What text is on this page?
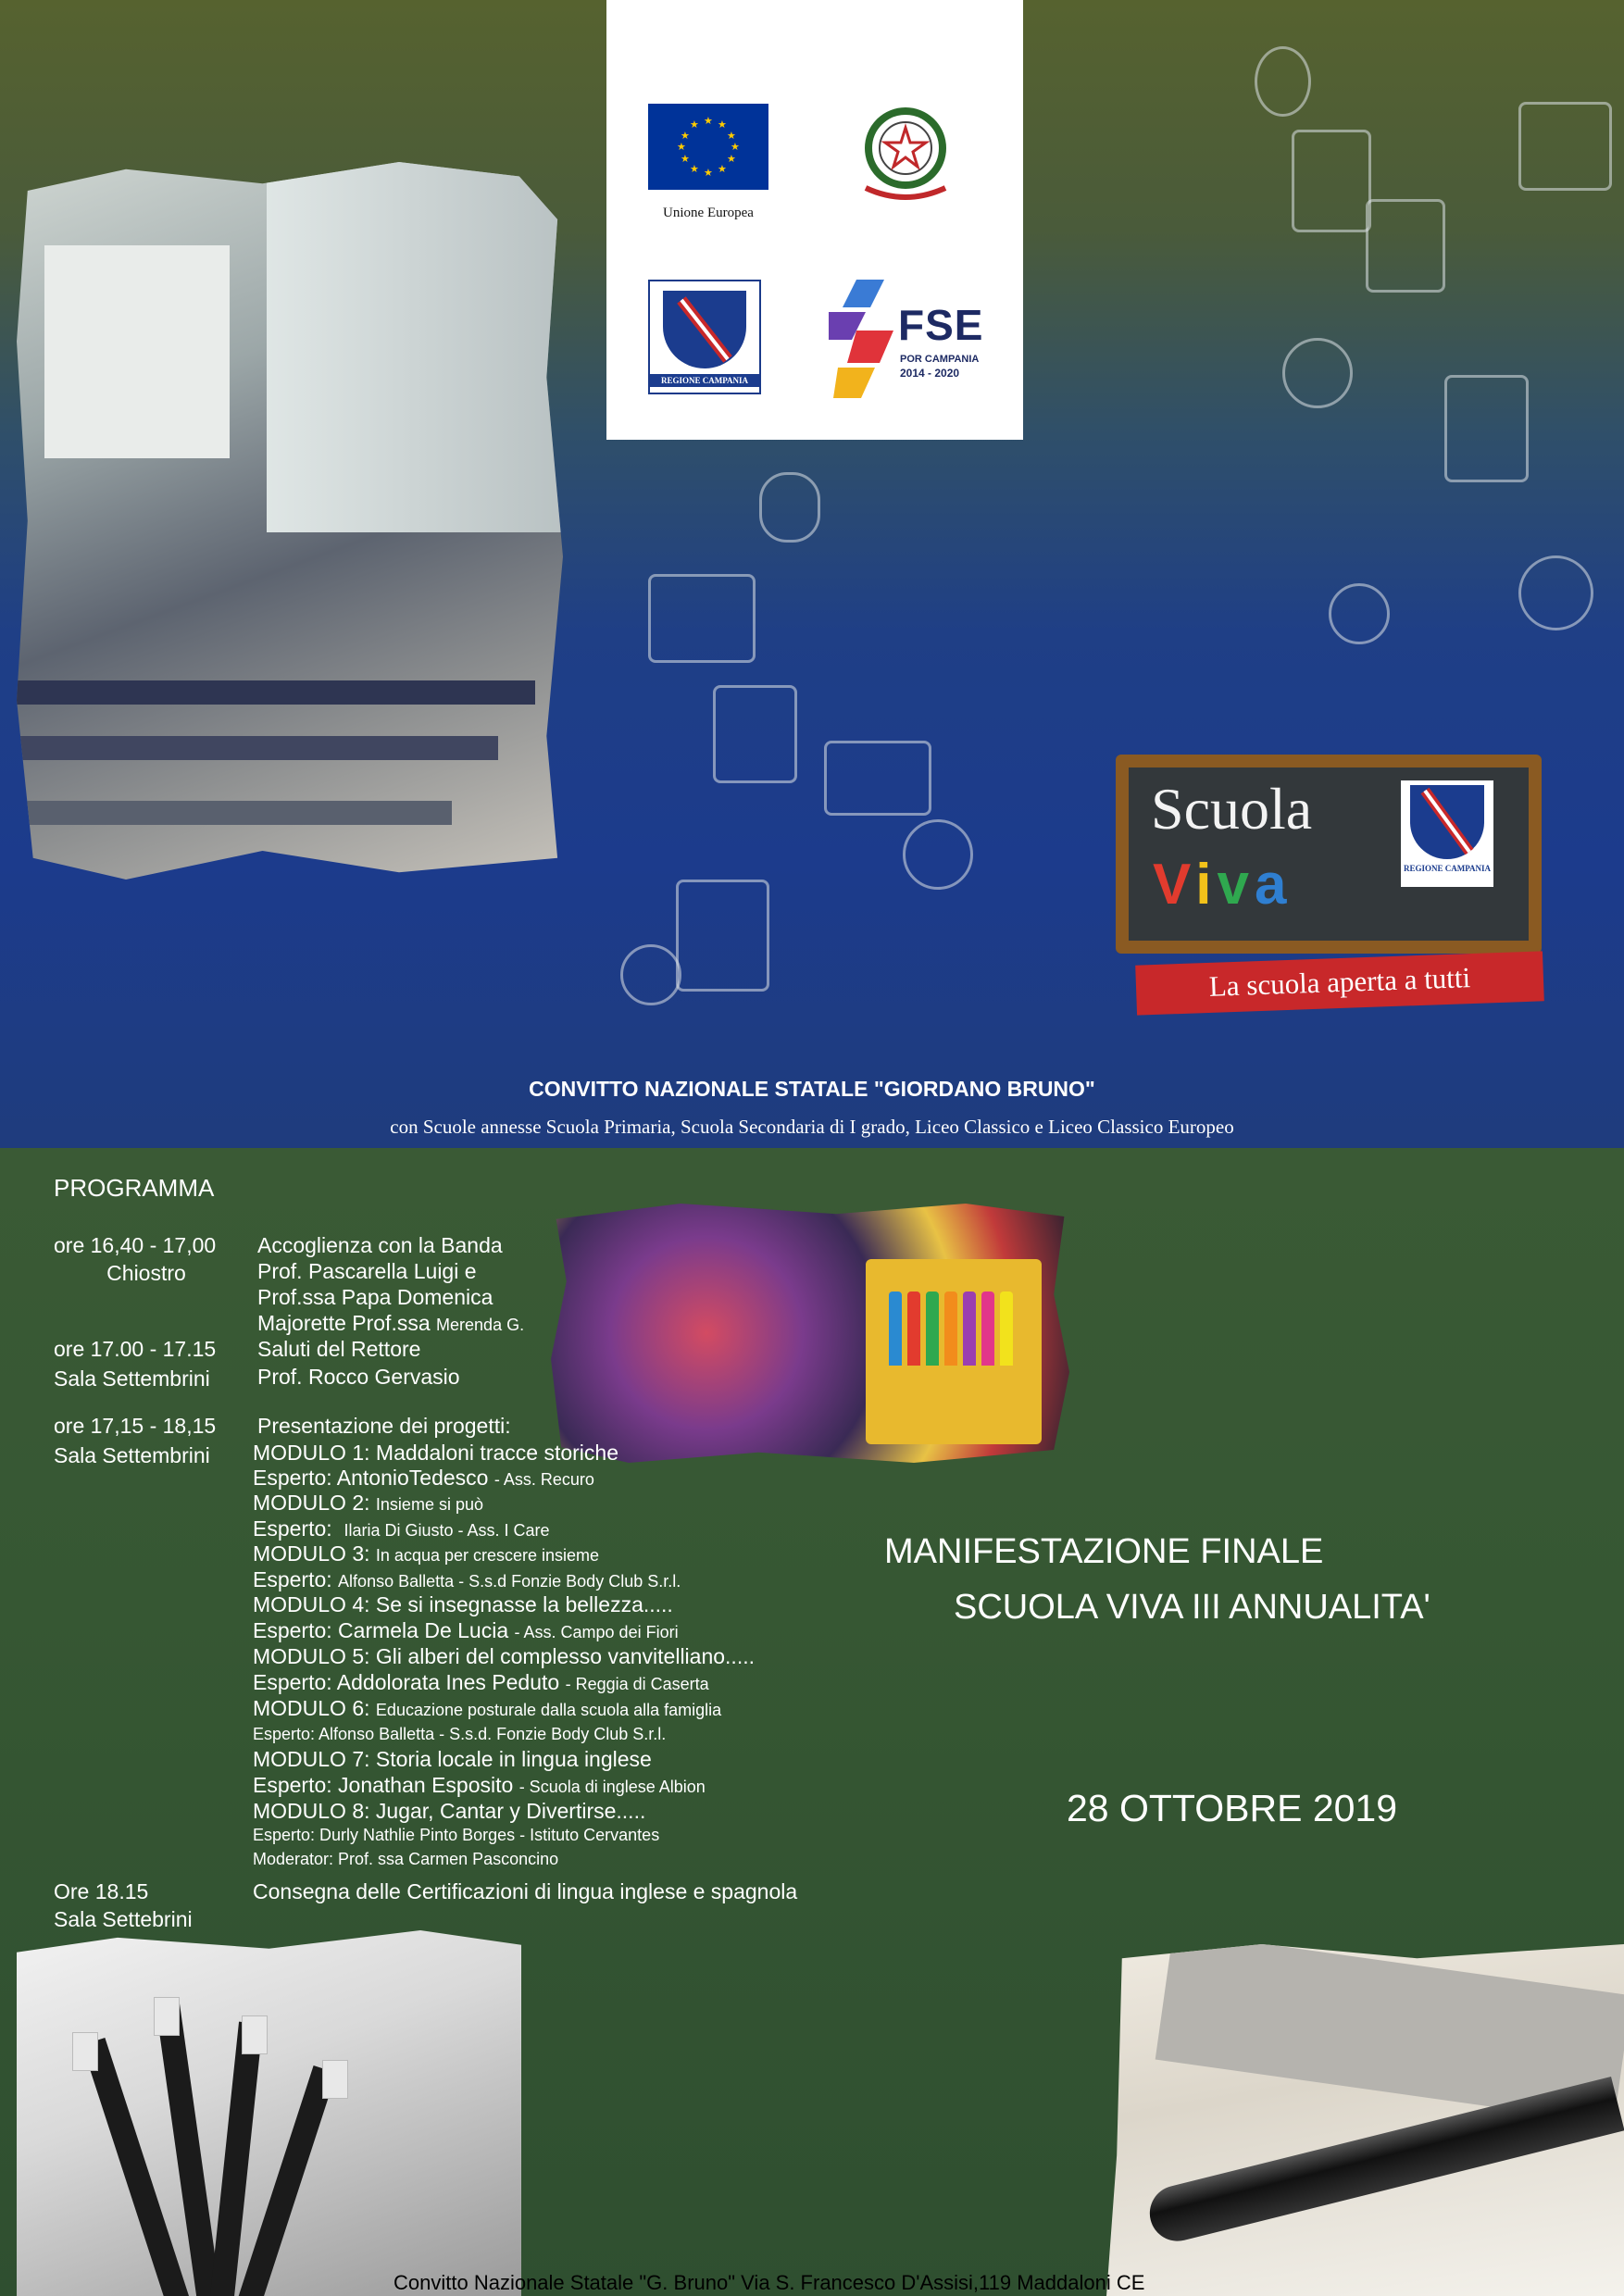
★ ★
★
★
★
★
★
★
★
★
★
★
Unione Europea
REGIONE CAMPANIA
FSE
POR CAMPANIA
2014 - 2020
Scuola
Viva	REGIONE CAMPANIA
La scuola aperta a tutti
CONVITTO NAZIONALE STATALE "GIORDANO BRUNO"
con Scuole annesse Scuola Primaria, Scuola Secondaria di I grado, Liceo Classico e Liceo Classico Europeo
PROGRAMMA
ore 16,40 - 17,00
Chiostro
Accoglienza con la Banda
Prof. Pascarella Luigi e
Prof.ssa Papa Domenica
Majorette Prof.ssa Merenda G.
ore 17.00 - 17.15
Sala Settembrini
Saluti del Rettore
Prof. Rocco Gervasio
ore 17,15 - 18,15
Sala Settembrini
Presentazione dei progetti:
MODULO 1: Maddaloni tracce storiche
Esperto: AntonioTedesco - Ass. Recuro
MODULO 2: Insieme si può
Esperto: Ilaria Di Giusto - Ass. I Care
MODULO 3: In acqua per crescere insieme
Esperto: Alfonso Balletta - S.s.d Fonzie Body Club S.r.l.
MODULO 4: Se si insegnasse la bellezza.....
Esperto: Carmela De Lucia - Ass. Campo dei Fiori
MODULO 5: Gli alberi del complesso vanvitelliano.....
Esperto: Addolorata Ines Peduto - Reggia di Caserta
MODULO 6: Educazione posturale dalla scuola alla famiglia
Esperto: Alfonso Balletta - S.s.d. Fonzie Body Club S.r.l.
MODULO 7: Storia locale in lingua inglese
Esperto: Jonathan Esposito - Scuola di inglese Albion
MODULO 8: Jugar, Cantar y Divertirse.....
Esperto: Durly Nathlie Pinto Borges - Istituto Cervantes
Moderator: Prof. ssa Carmen Pasconcino
Ore 18.15
Sala Settebrini
Consegna delle Certificazioni di lingua inglese e spagnola
MANIFESTAZIONE FINALE
SCUOLA VIVA III ANNUALITA'
28 OTTOBRE 2019
Convitto Nazionale Statale "G. Bruno" Via S. Francesco D'Assisi,119 Maddaloni CE
